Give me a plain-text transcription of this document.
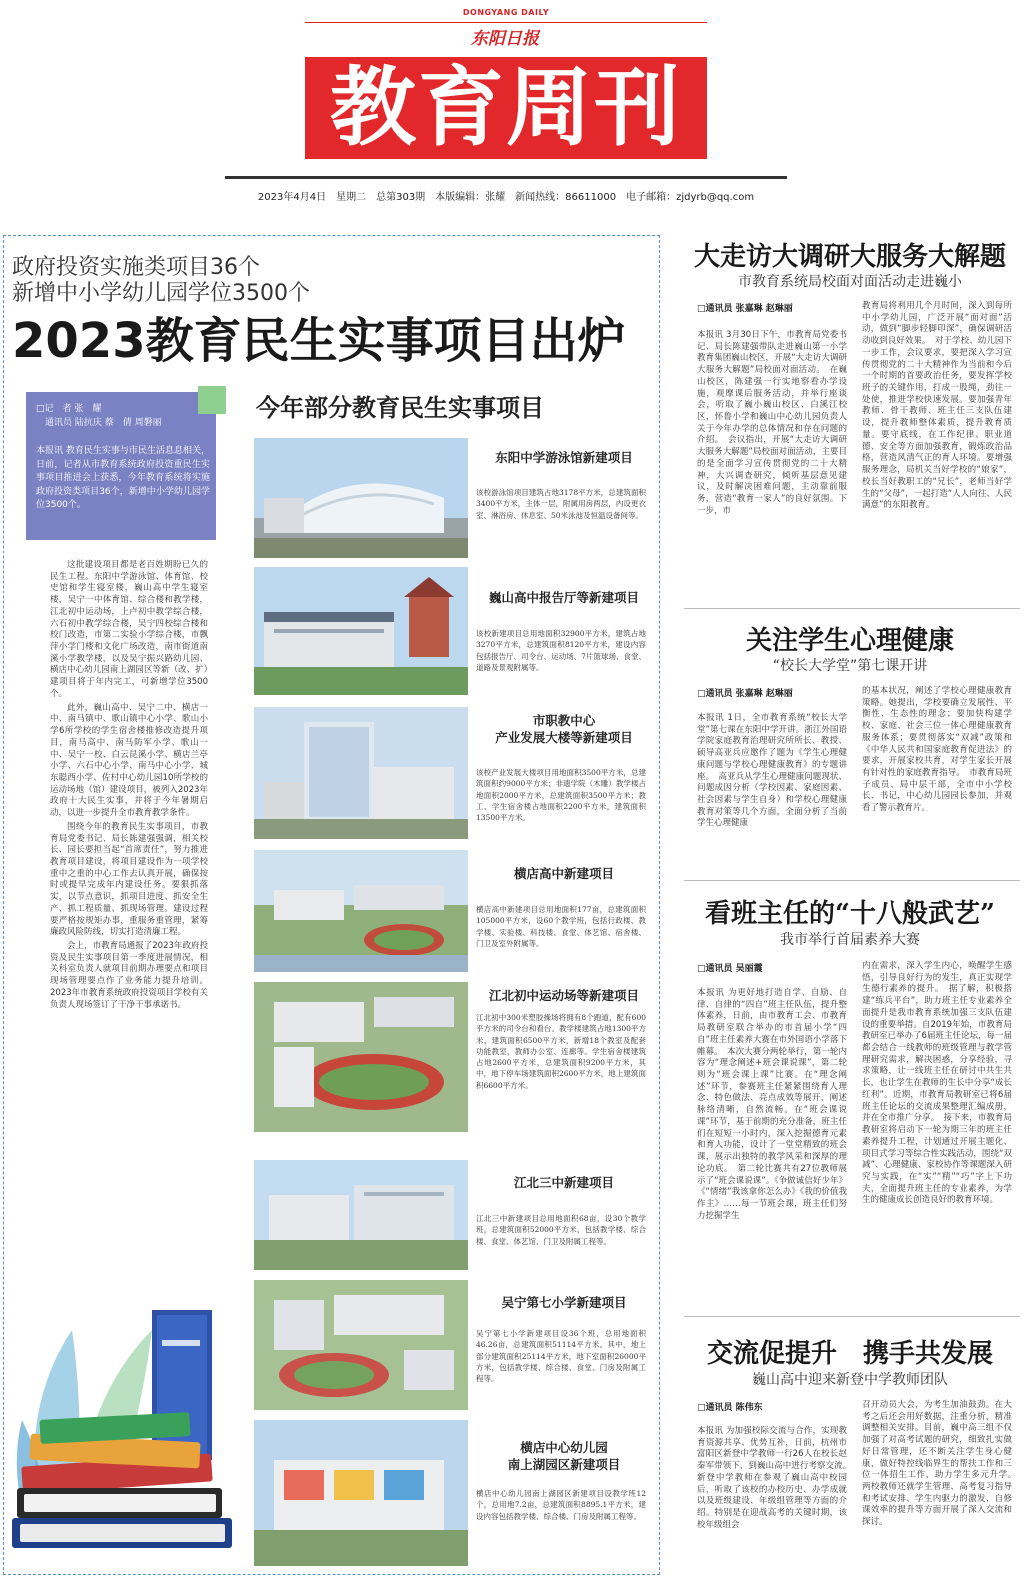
DONGYANG DAILY
东阳日报
教育周刊
2023年4月4日　星期二　总第303期　本版编辑：张耀　新闻热线：86611000　电子邮箱：zjdyrb@qq.com
政府投资实施类项目36个
新增中小学幼儿园学位3500个
2023教育民生实事项目出炉
□记　者 张　耀
　通讯员 陆抗庆 蔡　倩 周磐丽
本报讯 教育民生实事与市民生活息息相关，日前，记者从市教育系统政府投资重民生实事项目推进会上获悉，今年教育系统将实施政府投资类项目36个，新增中小学幼儿园学位3500个。

这批建设项目都是老百姓期盼已久的民生工程。东阳中学游泳馆、体育馆、校史馆和学生寝室楼，巍山高中学生寝室楼，吴宁一中体育馆、综合楼和教学楼，江北初中运动场，上卢初中教学综合楼，六石初中教学综合楼，吴宁四校综合楼和校门改造，市第二实验小学综合楼，市飘萍小学门楼和文化广场改造，南市街道南溪小学教学楼，以及吴宁振兴路幼儿园、横店中心幼儿园南上湖园区等新（改、扩）建项目将于年内完工，可新增学位3500个。

此外，巍山高中、吴宁二中、横店一中、南马镇中、歌山镇中心小学、歌山小学6所学校的学生宿舍楼推修改造提升项目，南马高中、南马防军小学、歌山一中、吴宁一校、白云昆溪小学、横店兰亭小学、六石中心小学、南马中心小学、城东聪西小学、佐村中心幼儿园10所学校的运动场地（馆）建设项目，被列入2023年政府十大民生实事，并将于今年暑期启动，以进一步提升全市教育教学条件。

围绕今年的教育民生实事项目，市教育局党委书记、局长陈建强强调，相关校长、园长要担当起“首席责任”，努力推进教育项目建设，将项目建设作为一项学校重中之重的中心工作去认真开展，确保按时或提早完成年内建设任务。要狠抓落实，以节点意识，抓项目进度、抓安全生产、抓工程质量、抓现场管理。建设过程要严格按规矩办事，重服务重管理，紧筹廉政风险防线，切实打造清廉工程。

会上，市教育局通报了2023年政府投资及民生实事项目第一季度进展情况，相关科室负责人就项目前期办理要点和项目现场管理要点作了业务能力提升培训。2023年市教育系统政府投资项目学校有关负责人现场签订了干净干事承诺书。

今年部分教育民生实事项目
东阳中学游泳馆新建项目
该校游泳馆项目建筑占地3178平方米，总建筑面积3400平方米，主体一层，附属用房两层，内设更衣室、淋浴房、休息室、50米泳池及恒温设备间等。
巍山高中报告厅等新建项目
该校新建项目总用地面积32900平方米，建筑占地3270平方米，总建筑面积8120平方米，建设内容包括报告厅、司令台、运动场、7片篮球场、食堂、道路及景观附属等。
市职教中心
产业发展大楼等新建项目
该校产业发展大楼项目用地面积3500平方米，总建筑面积约9000平方米；非遗学院（木雕）教学楼占地面积2000平方米，总建筑面积3500平方米；教工、学生宿舍楼占地面积2200平方米，建筑面积13500平方米。
横店高中新建项目
横店高中新建项目总用地面积177亩，总建筑面积105000平方米，设60个教学班，包括行政楼、教学楼、实验楼、科技楼、食堂、体艺馆、宿舍楼、门卫及室外附属等。
江北初中运动场等新建项目
江北初中300米塑胶操场将拥有8个跑道，配有600平方米的司令台和看台。教学楼建筑占地1300平方米，建筑面积6500平方米，新增18个教室及配套功能教室，教师办公室、连廊等。学生宿舍楼建筑占地2600平方米，总建筑面积9200平方米，其中，地下停车场建筑面积2600平方米，地上建筑面积6600平方米。
江北三中新建项目
江北三中新建项目总用地面积68亩，设30个教学班，总建筑面积52000平方米，包括教学楼、综合楼、食堂、体艺馆、门卫及附属工程等。
吴宁第七小学新建项目
吴宁第七小学新建项目设36个班，总用地面积46.26亩，总建筑面积51114平方米。其中，地上部分建筑面积25114平方米，地下室面积26000平方米，包括教学楼、综合楼、食堂、门房及附属工程等。
横店中心幼儿园
南上湖园区新建项目
横店中心幼儿园南上湖园区新建项目设教学班12个，总用地7.2亩，总建筑面积8895.1平方米，建设内容包括教学楼、综合楼、门房及附属工程等。
大走访大调研大服务大解题
市教育系统局校面对面活动走进巍小
□通讯员 张嘉琳 赵琳丽
本报讯 3月30日下午，市教育局党委书记、局长陈建强带队走进巍山第一小学教育集团巍山校区，开展“大走访大调研大服务大解题”局校面对面活动。　在巍山校区，陈建强一行实地察看办学设施，观摩课后服务活动，并举行座谈会，听取了巍小巍山校区、白溪江校区，怀鲁小学和巍山中心幼儿园负责人关于今年办学的总体情况和存在问题的介绍。　会议指出，开展“大走访大调研大服务大解题”局校面对面活动，主要目的是全面学习宣传贯彻党的二十大精神，大兴调查研究，倾听基层意见建议，及时解决困难问题，主动靠前服务，营造“教育一家人”的良好氛围。下一步，市
教育局将利用几个月时间，深入到每所中小学幼儿园，广泛开展“面对面”活动，做到“脚步轻脚印深”，确保调研活动收到良好效果。　对于学校、幼儿园下一步工作，会议要求，要把深入学习宣传贯彻党的二十大精神作为当前和今后一个时期的首要政治任务，要发挥学校班子的关键作用，打成一股绳，劲往一处使，推进学校快速发展。要加强青年教师、骨干教师、班主任三支队伍建设，提升教师整体素质，提升教育质量。要守底线，在工作纪律、职业道德、安全等方面加强教育，锻炼政治品格，营造风清气正的育人环境。要增强服务理念，局机关当好学校的“娘家”，校长当好教职工的“兄长”，老师当好学生的“父母”，一起打造“人人向往、人民满意”的东阳教育。
关注学生心理健康
“校长大学堂”第七课开讲
□通讯员 张嘉琳 赵琳丽
本报讯 1日，全市教育系统“校长大学堂”第七课在东阳中学开讲。浙江外国语学院家庭教育治理研究所所长、教授、硕导高亚兵应邀作了题为《学生心理健康问题与学校心理健康教育》的专题讲座。　高亚兵从学生心理健康问题现状、问题成因分析（学校因素、家庭因素、社会因素与学生自身）和学校心理健康教育对策等几个方面，全面分析了当前学生心理健康
的基本状况，阐述了学校心理健康教育策略。她提出，学校要确立发展性、平衡性、生态性的理念；要加快构建学校、家庭、社会三位一体心理健康教育服务体系；要贯彻落实“双减”政策和《中华人民共和国家庭教育促进法》的要求，开展家校共育，对学生家长开展有针对性的家庭教育指导。　市教育局班子成员、局中层干部，全市中小学校长、书记，中心幼儿园园长参加，并观看了警示教育片。
看班主任的“十八般武艺”
我市举行首届素养大赛
□通讯员 吴丽霞
本报讯 为更好地打造自学、自励、自律、自律的“四自”班主任队伍，提升整体素养，日前，由市教育工会、市教育局教研室联合举办的市首届小学“四自”班主任素养大赛在市外国语小学落下帷幕。　本次大赛分两轮举行，第一轮内容为“理念阐述+班会课说课”，第二轮则为“班会课上课”比赛。在“理念阐述”环节，参赛班主任紧紧围绕育人理念、特色做法、亮点成效等展开，阐述脉络清晰，自然流畅。在“班会课说课”环节，基于前期的充分准备，班主任们在短短一小时内，深入挖掘德育元素和育人功能，设计了一堂堂精致的班会课，展示出独特的教学风采和深厚的理论功底。　第二轮比赛共有27位教师展示了“班会课说课”。《争做诚信好少年》《“情绪”我该拿你怎么办》《我的价值我作主》……每一节班会课，班主任们努力挖掘学生
内在需求，深入学生内心，唤醒学生感悟，引导良好行为的发生，真正实现学生德行素养的提升。　据了解，积极搭建“练兵平台”，助力班主任专业素养全面提升是我市教育系统加强三支队伍建设的重要举措。自2019年始，市教育局教研室已举办了6届班主任论坛，每一届都会结合一线教师的班级管理与教学管理研究需求，解决困惑，分享经验，寻求策略，让一线班主任在研讨中共生共长，也让学生在教师的生长中分享“成长红利”。近期，市教育局教研室已将6届班主任论坛的交流成果整理汇编成册，并在全市推广分享。　接下来，市教育局教研室将启动下一轮为期三年的班主任素养提升工程，计划通过开展主题化、项目式学习等综合性实践活动，围绕“双减”、心理健康、家校协作等课题深入研究与实践，在“实”“精”“巧”字上下功夫，全面提升班主任的专业素养，为学生的健康成长创造良好的教育环境。
交流促提升　携手共发展
巍山高中迎来新登中学教师团队
□通讯员 陈伟东
本报讯 为加强校际交流与合作，实现教育资源共享、优势互补，日前，杭州市富阳区新登中学教师一行26人在校长赵秦军带领下，到巍山高中进行考察交流。　新登中学教师在参观了巍山高中校园后，听取了该校的办校历史、办学成就以及班级建设、年级组管理等方面的介绍。特别是在迎战高考的关键时期，该校年级组会
召开动员大会，为考生加油鼓劲。在大考之后还会用好数据，注重分析，精准调整相关安排。目前，巍中高三组不仅加强了对高考试题的研究，细致扎实做好日常管理，还不断关注学生身心健康，做好特控线临界生的帮扶工作和三位一体招生工作，助力学生多元升学。　两校教师还就学生管理、高考复习指导和考试安排、学生内驱力的激发、自修课效率的提升等方面开展了深入交流和探讨。
